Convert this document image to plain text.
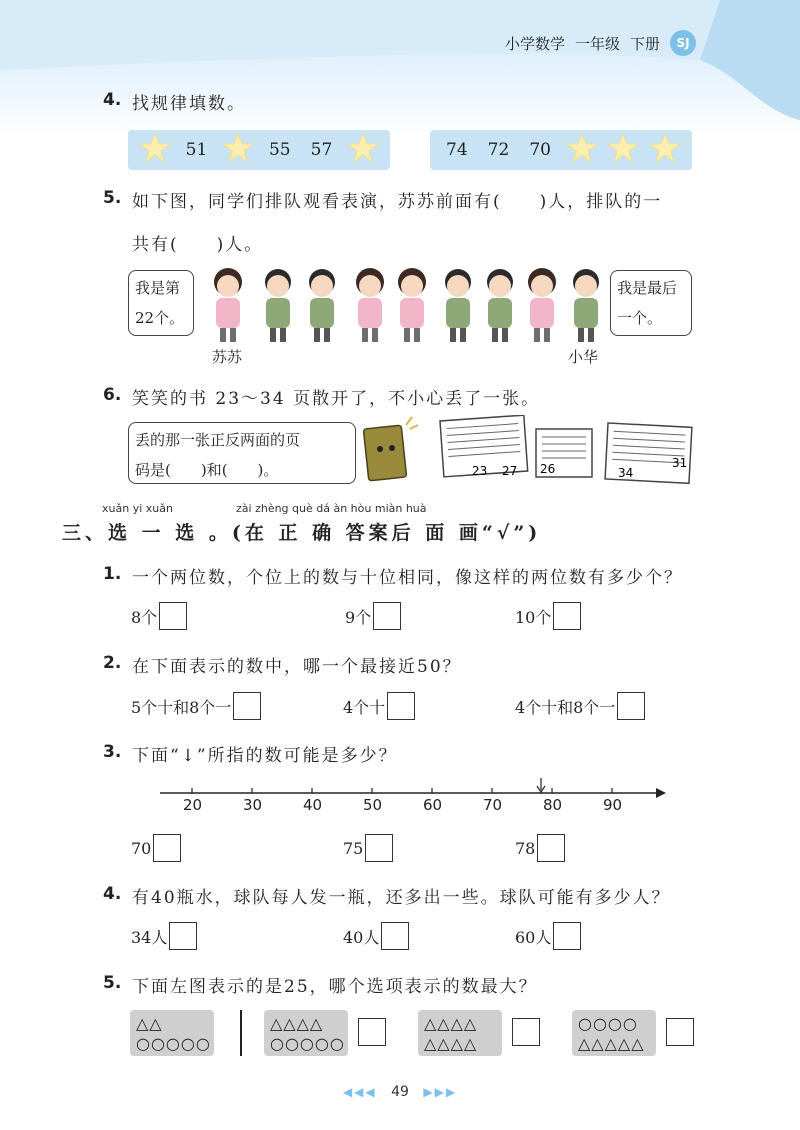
小学数学 一年级 下册	SJ
4. 找规律填数。
51	55	57	74	72	70
5. 如下图，同学们排队观看表演，苏苏前面有(　　)人，排队的一
共有(　　)人。
我是第
22个。
我是最后
一个。
苏苏	小华
6. 笑笑的书 23～34 页散开了，不小心丢了一张。
丢的那一张正反两面的页
码是(　　)和(　　)。	23 27 26	34
31
xuǎn yi xuǎn	zài zhèng què dá àn hòu miàn huà
三、选 一 选 。(在 正 确 答案后 面 画“√”)
1. 一个两位数，个位上的数与十位相同，像这样的两位数有多少个？
8个	9个	10个
2. 在下面表示的数中，哪一个最接近50？
5个十和8个一	4个十	4个十和8个一
3. 下面“↓”所指的数可能是多少？
20	30	40	50	60	70	80	90
70	75	78
4. 有40瓶水，球队每人发一瓶，还多出一些。球队可能有多少人？
34人	40人	60人
5. 下面左图表示的是25，哪个选项表示的数最大？
△△
○○○○○
△△△△
○○○○○
△△△△
△△△△
○○○○
△△△△△
◀◀◀ 49 ▶▶▶
